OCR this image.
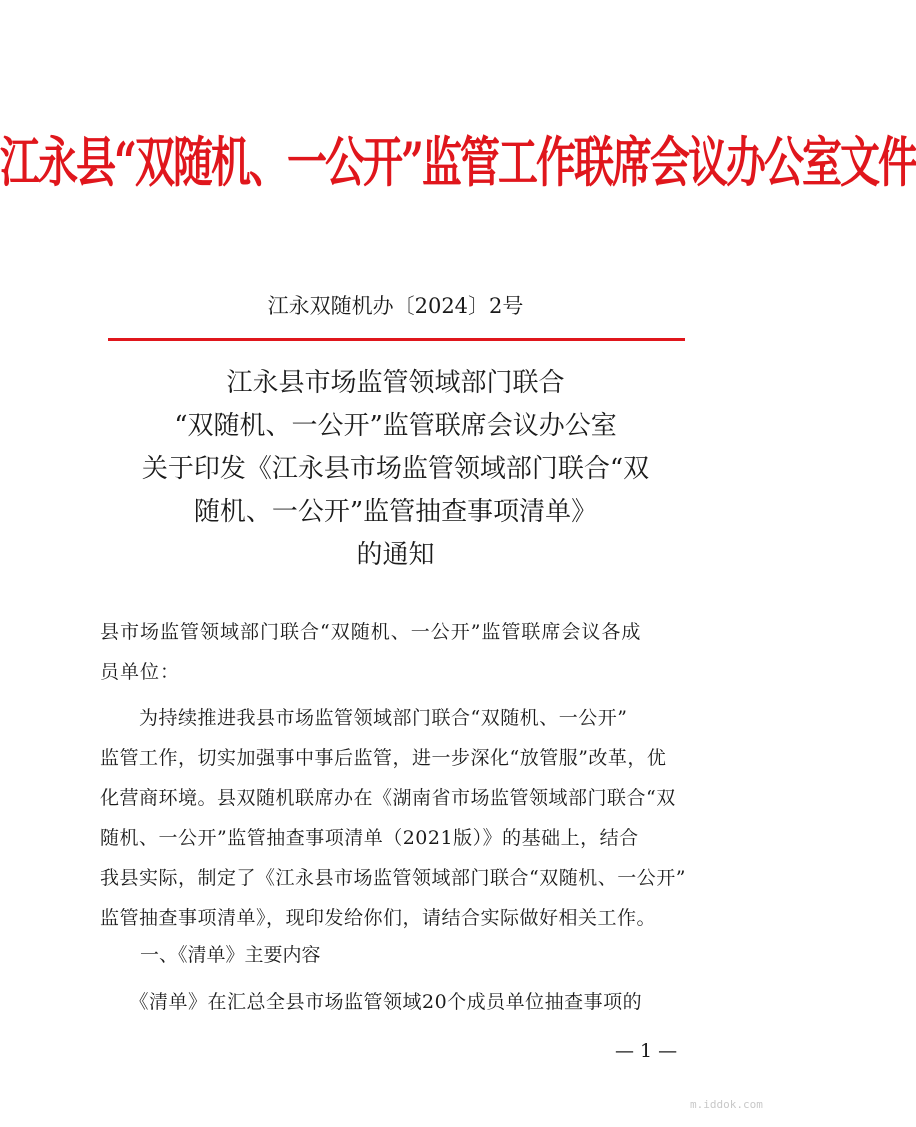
江永县“双随机、一公开”监管工作联席会议办公室文件
江永双随机办〔2024〕2号
江永县市场监管领域部门联合
“双随机、一公开”监管联席会议办公室
关于印发《江永县市场监管领域部门联合“双
随机、一公开”监管抽查事项清单》
的通知
县市场监管领域部门联合“双随机、一公开”监管联席会议各成
员单位：
　　为持续推进我县市场监管领域部门联合“双随机、一公开”
监管工作，切实加强事中事后监管，进一步深化“放管服”改革，优
化营商环境。县双随机联席办在《湖南省市场监管领域部门联合“双
随机、一公开”监管抽查事项清单（2021版）》的基础上，结合
我县实际，制定了《江永县市场监管领域部门联合“双随机、一公开”
监管抽查事项清单》，现印发给你们，请结合实际做好相关工作。
一、《清单》主要内容
　　《清单》在汇总全县市场监管领域20个成员单位抽查事项的
— 1 —
m.iddok.com
